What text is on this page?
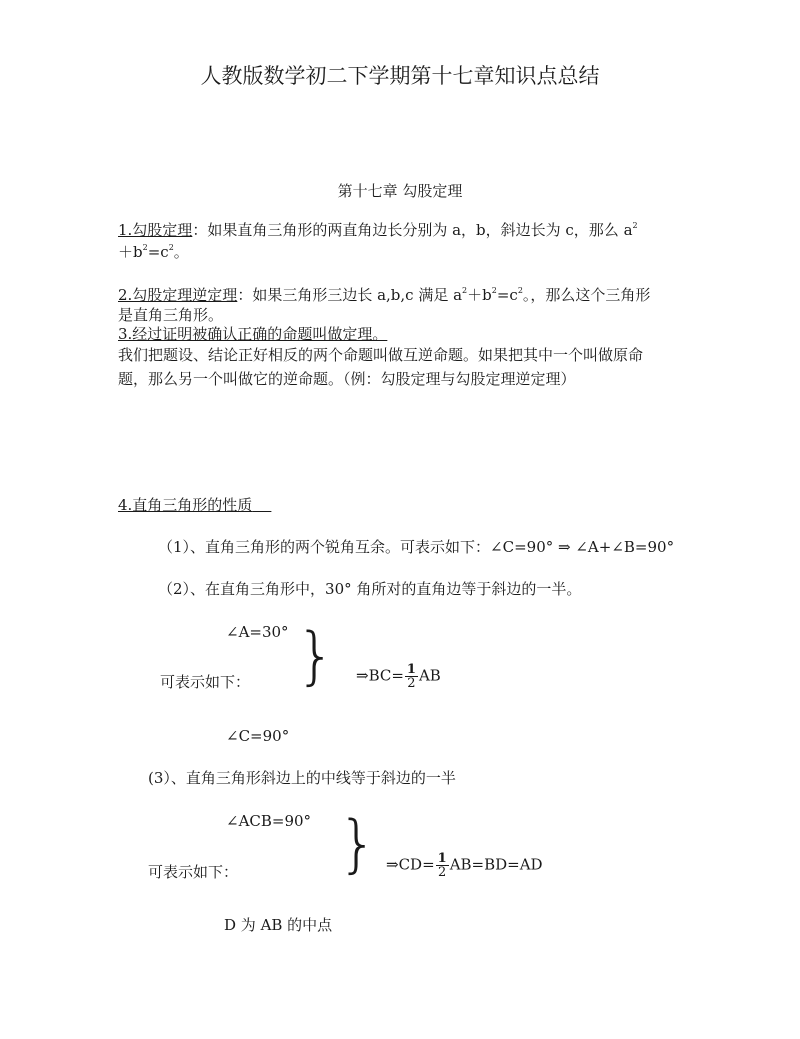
人教版数学初二下学期第十七章知识点总结
第十七章 勾股定理
1.勾股定理：如果直角三角形的两直角边长分别为 a，b，斜边长为 c，那么 $a^2$
$+b^2=c^2$。
2.勾股定理逆定理：如果三角形三边长 a,b,c 满足 $a^2+b^2=c^2$。，那么这个三角形
是直角三角形。
3.经过证明被确认正确的命题叫做定理。
我们把题设、结论正好相反的两个命题叫做互逆命题。如果把其中一个叫做原命
题，那么另一个叫做它的逆命题。（例：勾股定理与勾股定理逆定理）
4.直角三角形的性质
（1）、直角三角形的两个锐角互余。可表示如下：∠C=90° ⇒ ∠A+∠B=90°
（2）、在直角三角形中，30° 角所对的直角边等于斜边的一半。
∠A=30° }
可表示如下：	⇒BC= $\frac{1}{2}$ AB
∠C=90°
(3）、直角三角形斜边上的中线等于斜边的一半
∠ACB=90° }
可表示如下：	⇒CD= $\frac{1}{2} AB=BD=AD$
D 为 AB 的中点
